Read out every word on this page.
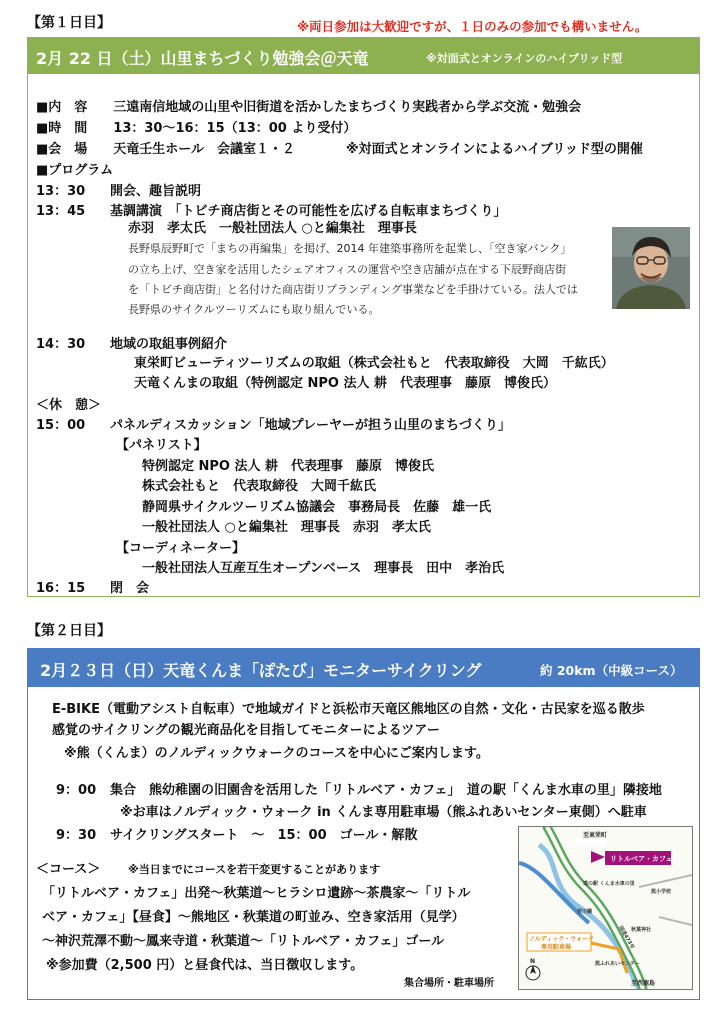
【第１日目】	※両日参加は大歓迎ですが、１日のみの参加でも構いません。
2月 22 日（土）山里まちづくり勉強会＠天竜	※対面式とオンラインのハイブリッド型
■内　容　　三遠南信地域の山里や旧街道を活かしたまちづくり実践者から学ぶ交流・勉強会
■時　間　　13：30〜16：15（13：00 より受付）
■会　場　　天竜壬生ホール　会議室１・２	※対面式とオンラインによるハイブリッド型の開催
■プログラム
13：30 開会、趣旨説明
13：45 基調講演　「トビチ商店街とその可能性を広げる自転車まちづくり」
赤羽　孝太氏　一般社団法人 ○と編集社　理事長
長野県辰野町で「まちの再編集」を掲げ、2014 年建築事務所を起業し、「空き家バンク」
の立ち上げ、空き家を活用したシェアオフィスの運営や空き店舗が点在する下辰野商店街
を「トビチ商店街」と名付けた商店街リブランディング事業などを手掛けている。法人では
長野県のサイクルツーリズムにも取り組んでいる。
14：30 地域の取組事例紹介
東栄町ビューティツーリズムの取組（株式会社もと　代表取締役　大岡　千紘氏）
天竜くんまの取組（特例認定 NPO 法人 耕　代表理事　藤原　博俊氏）
＜休　憩＞
15：00 パネルディスカッション「地域プレーヤーが担う山里のまちづくり」
【パネリスト】
特例認定 NPO 法人 耕　代表理事　藤原　博俊氏
株式会社もと　代表取締役　大岡千紘氏
静岡県サイクルツーリズム協議会　事務局長　佐藤　雄一氏
一般社団法人 ○と編集社　理事長　赤羽　孝太氏
【コーディネーター】
一般社団法人互産互生オープンベース　理事長　田中　孝治氏
16：15 閉　会
【第２日目】
2月２３日（日）天竜くんま「ぽたび」モニターサイクリング	約 20km（中級コース）
E-BIKE（電動アシスト自転車）で地域ガイドと浜松市天竜区熊地区の自然・文化・古民家を巡る散歩
感覚のサイクリングの観光商品化を目指してモニターによるツアー
※熊（くんま）のノルディックウォークのコースを中心にご案内します。
9：00 集合　熊幼稚園の旧園舎を活用した「リトルベア・カフェ」　道の駅「くんま水車の里」隣接地
※お車はノルディック・ウォーク in くんま専用駐車場（熊ふれあいセンター東側）へ駐車
9：30 サイクリングスタート　〜　15：00　ゴール・解散
＜コース＞	※当日までにコースを若干変更することがあります
「リトルベア・カフェ」出発〜秋葉道〜ヒラシロ遺跡〜茶農家〜「リトル
ベア・カフェ」【昼食】〜熊地区・秋葉道の町並み、空き家活用（見学）
〜神沢荒澤不動〜鳳来寺道・秋葉道〜「リトルベア・カフェ」ゴール
※参加費（2,500 円）と昼食代は、当日徴収します。
集合場所・駐車場所
至東栄町
リトルベア・カフェ
ノルディック・ウォーク
専用駐車場
道の駅 くんま水車の里
宮川橋
秋葉神社
熊小学校
熊ふれあいセンター
国道473号
至西鹿島
N
